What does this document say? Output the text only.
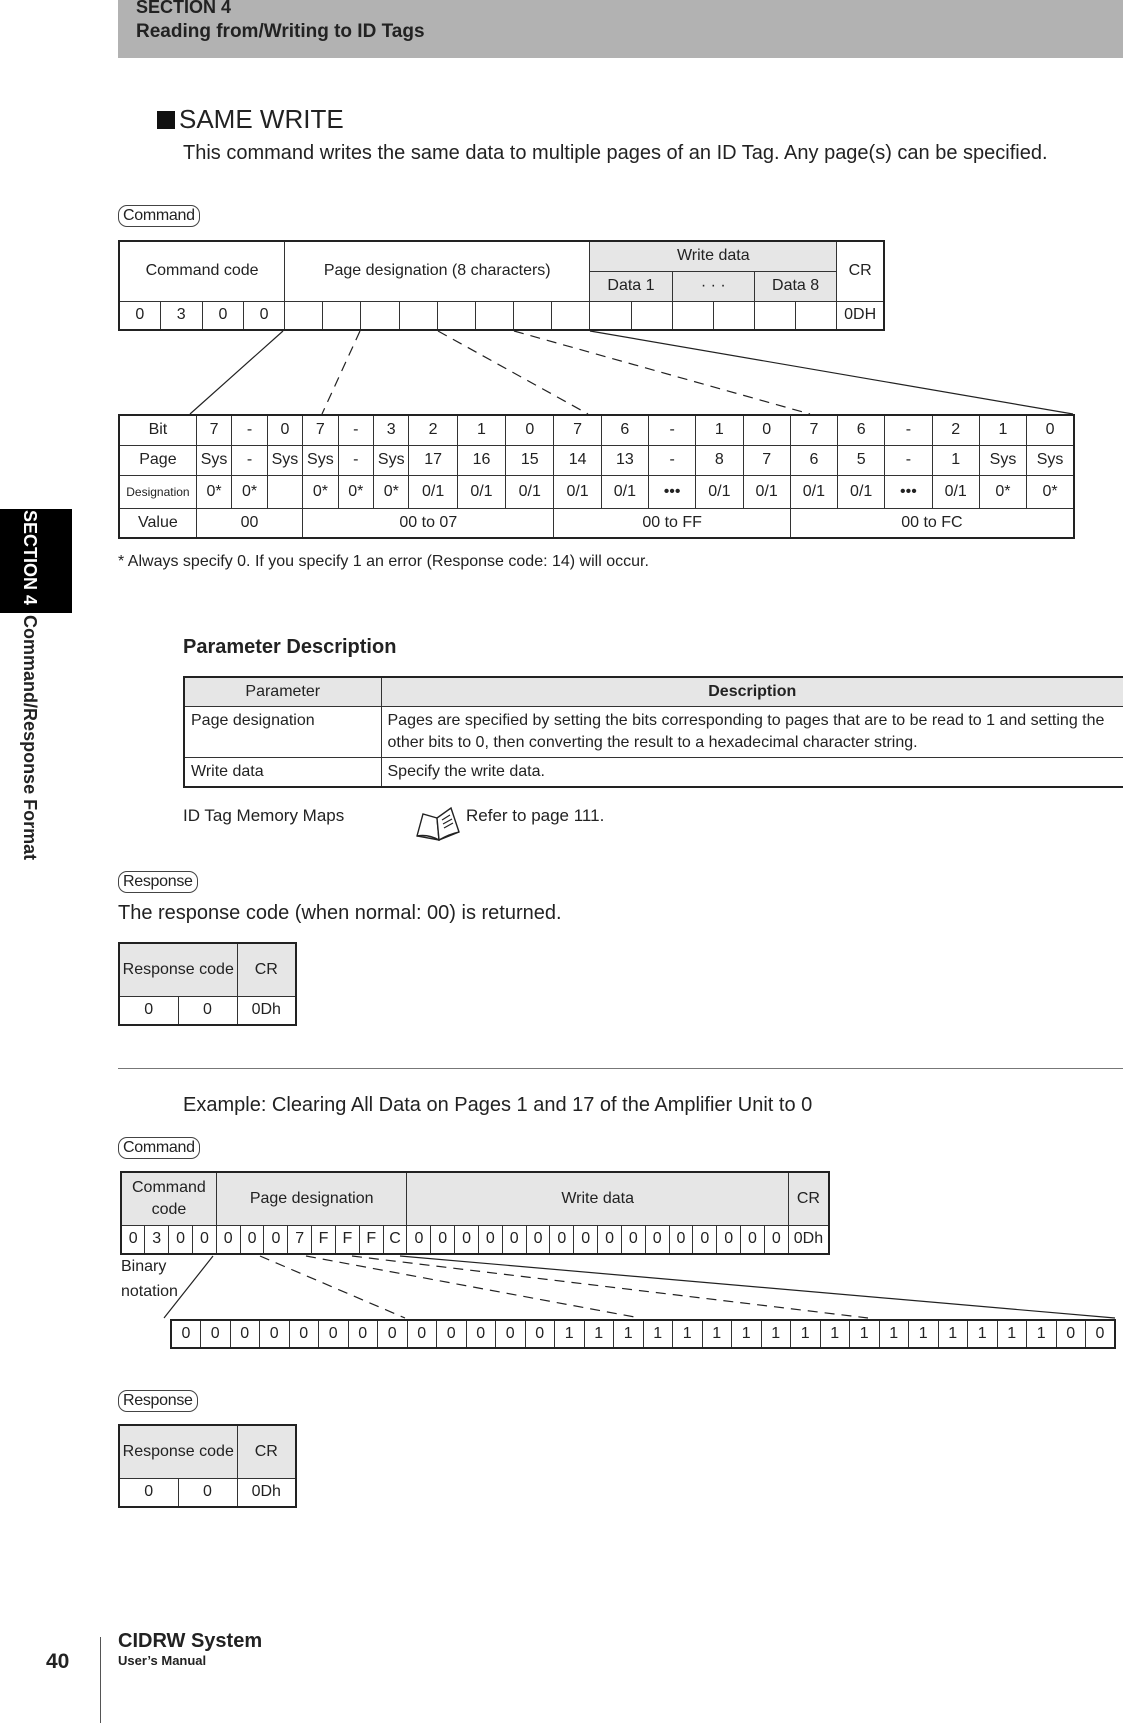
SECTION 4
Reading from/Writing to ID Tags
SECTION 4  Command/Response Format
SAME WRITE
This command writes the same data to multiple pages of an ID Tag. Any page(s) can be specified.
Command
Command code				Page designation (8 characters)								Write data						CR
												Data 1		· · ·		Data 8		
0	3	0	0															0DH
Bit	7	-	0	7	-	3	2	1	0	7	6	-	1	0	7	6	-	2	1	0
Page	Sys	-	Sys	Sys	-	Sys	17	16	15	14	13	-	8	7	6	5	-	1	Sys	Sys
Designation	0*	0*		0*	0*	0*	0/1	0/1	0/1	0/1	0/1	•••	0/1	0/1	0/1	0/1	•••	0/1	0*	0*
Value	00			00 to 07						00 to FF					00 to FC					
* Always specify 0. If you specify 1 an error (Response code: 14) will occur.
Parameter Description
Parameter	Description
Page designation	Pages are specified by setting the bits corresponding to pages that are to be read to 1 and setting the other bits to 0, then converting the result to a hexadecimal character string.
Write data	Specify the write data.
ID Tag Memory Maps	Refer to page 111.
Response
The response code (when normal: 00) is returned.
Response code		CR
0	0	0Dh
Example: Clearing All Data on Pages 1 and 17 of the Amplifier Unit to 0
Command
Command code				Page designation								Write data																CR
0	3	0	0	0	0	0	7	F	F	F	C	0	0	0	0	0	0	0	0	0	0	0	0	0	0	0	0	0Dh
Binary notation
0	0	0	0	0	0	0	0	0	0	0	0	0	1	1	1	1	1	1	1	1	1	1	1	1	1	1	1	1	1	0	0
Response
Response code		CR
0	0	0Dh
40
CIDRW System
User’s Manual
